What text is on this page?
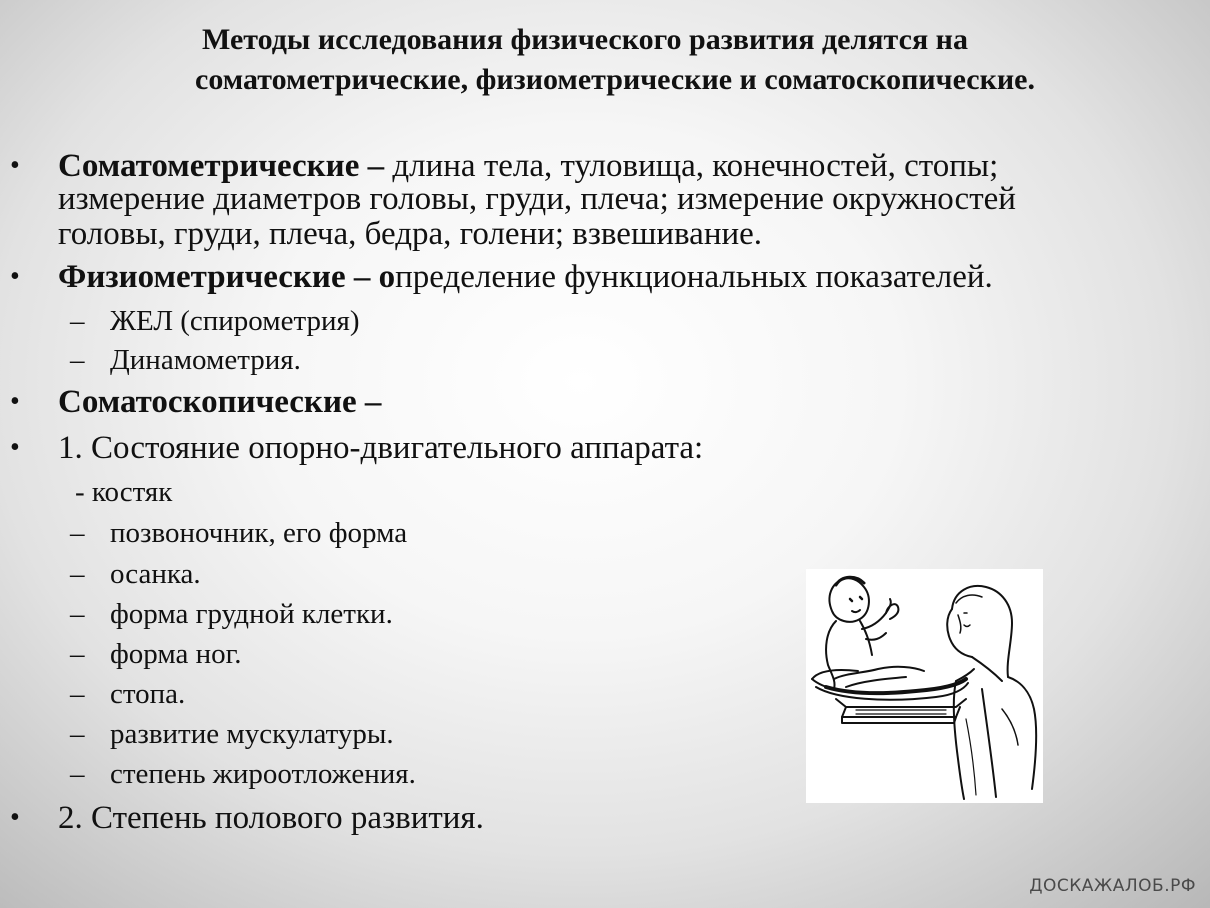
Методы исследования физического развития делятся на
соматометрические, физиометрические и соматоскопические.
• Соматометрические – длина тела, туловища, конечностей, стопы;
измерение диаметров головы, груди, плеча; измерение окружностей
головы, груди, плеча, бедра, голени; взвешивание.
• Физиометрические – определение функциональных показателей.
– ЖЕЛ (спирометрия)
– Динамометрия.
• Соматоскопические –
• 1. Состояние опорно-двигательного аппарата:
- костяк
– позвоночник, его форма
– осанка.
– форма грудной клетки.
– форма ног.
– стопа.
– развитие мускулатуры.
– степень жироотложения.
• 2. Степень полового развития.
ДОСКАЖАЛОБ.РФ
